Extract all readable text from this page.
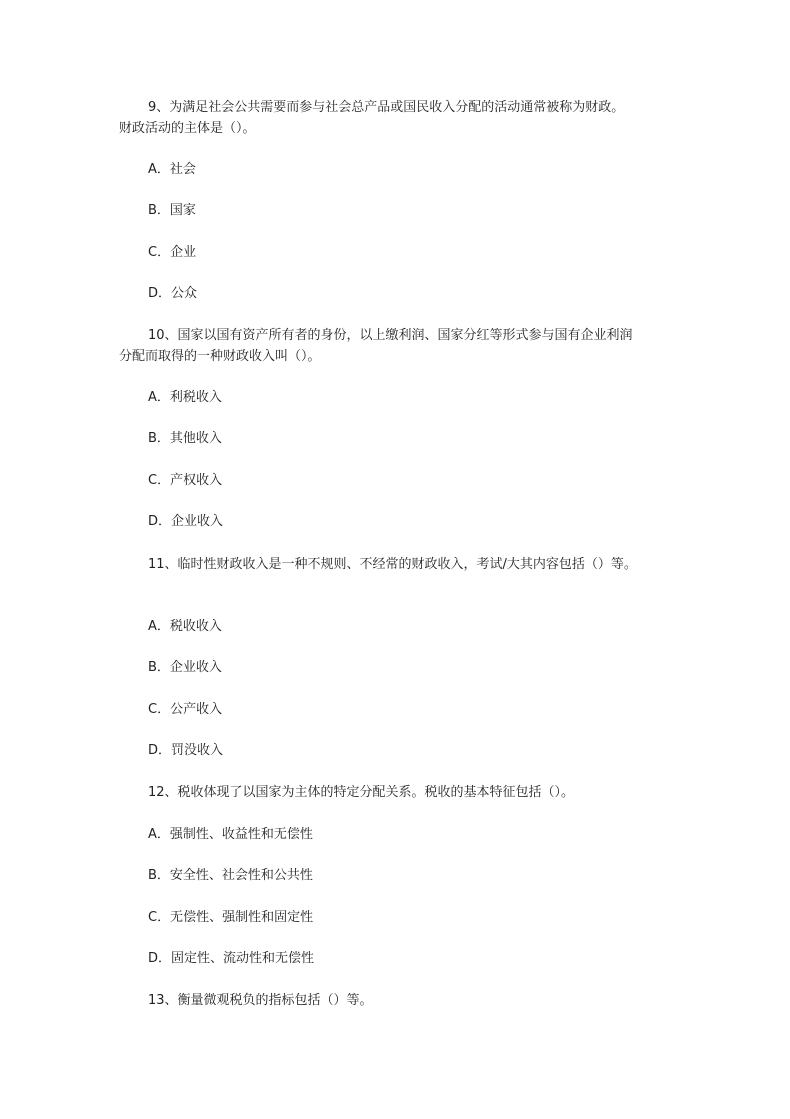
9、为满足社会公共需要而参与社会总产品或国民收入分配的活动通常被称为财政。
财政活动的主体是（）。
A．社会
B．国家
C．企业
D．公众
10、国家以国有资产所有者的身份，以上缴利润、国家分红等形式参与国有企业利润
分配而取得的一种财政收入叫（）。
A．利税收入
B．其他收入
C．产权收入
D．企业收入
11、临时性财政收入是一种不规则、不经常的财政收入，考试/大其内容包括（）等。
A．税收收入
B．企业收入
C．公产收入
D．罚没收入
12、税收体现了以国家为主体的特定分配关系。税收的基本特征包括（）。
A．强制性、收益性和无偿性
B．安全性、社会性和公共性
C．无偿性、强制性和固定性
D．固定性、流动性和无偿性
13、衡量微观税负的指标包括（）等。
